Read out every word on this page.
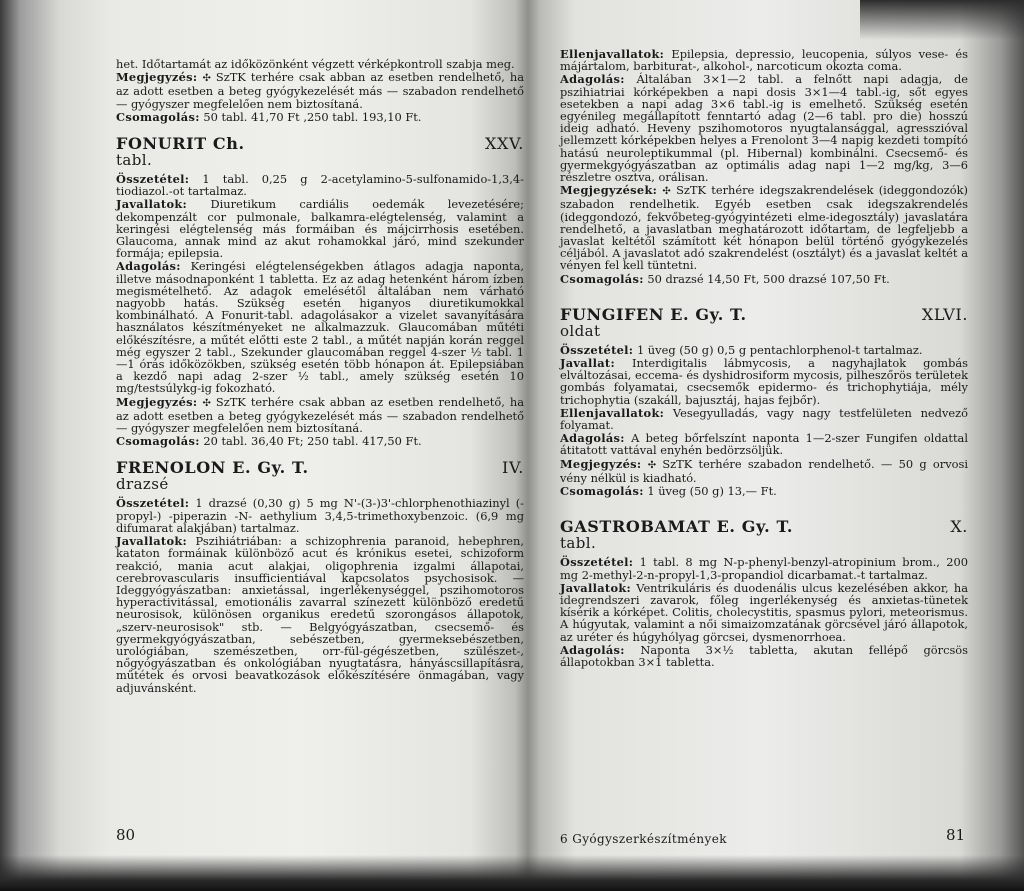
het. Időtartamát az időközönként végzett vérképkontroll szabja meg.

Megjegyzés: ✣ SzTK terhére csak abban az esetben rendelhető, ha az adott esetben a beteg gyógykezelését más — szabadon rendelhető — gyógyszer megfelelően nem biztosítaná.

Csomagolás: 50 tabl. 41,70 Ft ,250 tabl. 193,10 Ft.

FONURIT Ch.	XXV.
tabl.

Összetétel: 1 tabl. 0,25 g 2-acetylamino-5-sulfonamido-1,3,4-tiodiazol.-ot tartalmaz.

Javallatok: Diuretikum cardiális oedemák levezetésére; dekompenzált cor pulmonale, balkamra-elégtelenség, valamint a keringési elégtelenség más formáiban és májcirrhosis esetében. Glaucoma, annak mind az akut rohamokkal járó, mind szekunder formája; epilepsia.

Adagolás: Keringési elégtelenségekben átlagos adagja naponta, illetve másodnaponként 1 tabletta. Ez az adag hetenként három ízben megismételhető. Az adagok emelésétől általában nem várható nagyobb hatás. Szükség esetén higanyos diuretikumokkal kombinálható. A Fonurit-tabl. adagolásakor a vizelet savanyítására használatos készítményeket ne alkalmazzuk. Glaucomában műtéti előkészítésre, a műtét előtti este 2 tabl., a műtét napján korán reggel még egyszer 2 tabl., Szekunder glaucomában reggel 4-szer ½ tabl. 1—1 órás időközökben, szükség esetén több hónapon át. Epilepsiában a kezdő napi adag 2-szer ½ tabl., amely szükség esetén 10 mg/testsúlykg-ig fokozható.

Megjegyzés: ✣ SzTK terhére csak abban az esetben rendelhető, ha az adott esetben a beteg gyógykezelését más — szabadon rendelhető — gyógyszer megfelelően nem biztosítaná.

Csomagolás: 20 tabl. 36,40 Ft; 250 tabl. 417,50 Ft.

FRENOLON E. Gy. T.	IV.
drazsé

Összetétel: 1 drazsé (0,30 g) 5 mg N'-(3-)3'-chlorphenothiazinyl (-propyl-) -piperazin -N- aethylium 3,4,5-trimethoxybenzoic. (6,9 mg difumarat alakjában) tartalmaz.

Javallatok: Pszihiátriában: a schizophrenia paranoid, hebephren, kataton formáinak különböző acut és krónikus esetei, schizoform reakció, mania acut alakjai, oligophrenia izgalmi állapotai, cerebrovascularis insufficientiával kapcsolatos psychosisok. — Ideggyógyászatban: anxietással, ingerlékenységgel, pszihomotoros hyperactivitással, emotionális zavarral színezett különböző eredetű neurosisok, különösen organikus eredetű szorongásos állapotok, „szerv-neurosisok" stb. — Belgyógyászatban, csecsemő- és gyermekgyógyászatban, sebészetben, gyermeksebészetben, urológiában, szemészetben, orr-fül-gégészetben, szülészet-, nőgyógyászatban és onkológiában nyugtatásra, hányáscsillapításra, műtétek és orvosi beavatkozások előkészítésére önmagában, vagy adjuvánsként.

80

Ellenjavallatok: Epilepsia, depressio, leucopenia, súlyos vese- és májártalom, barbiturat-, alkohol-, narcoticum okozta coma.

Adagolás: Általában 3×1—2 tabl. a felnőtt napi adagja, de pszihiatriai kórképekben a napi dosis 3×1—4 tabl.-ig, sőt egyes esetekben a napi adag 3×6 tabl.-ig is emelhető. Szükség esetén egyénileg megállapított fenntartó adag (2—6 tabl. pro die) hosszú ideig adható. Heveny pszihomotoros nyugtalansággal, agresszióval jellemzett kórképekben helyes a Frenolont 3—4 napig kezdeti tompító hatású neuroleptikummal (pl. Hibernal) kombinálni. Csecsemő- és gyermekgyógyászatban az optimális adag napi 1—2 mg/kg, 3—6 részletre osztva, orálisan.

Megjegyzések: ✣ SzTK terhére idegszakrendelések (ideggondozók) szabadon rendelhetik. Egyéb esetben csak idegszakrendelés (ideggondozó, fekvőbeteg-gyógyintézeti elme-idegosztály) javaslatára rendelhető, a javaslatban meghatározott időtartam, de legfeljebb a javaslat keltétől számított két hónapon belül történő gyógykezelés céljából. A javaslatot adó szakrendelést (osztályt) és a javaslat keltét a vényen fel kell tüntetni.

Csomagolás: 50 drazsé 14,50 Ft, 500 drazsé 107,50 Ft.

FUNGIFEN E. Gy. T.	XLVI.
oldat

Összetétel: 1 üveg (50 g) 0,5 g pentachlorphenol-t tartalmaz.

Javallat: Interdigitalis lábmycosis, a nagyhajlatok gombás elváltozásai, eccema- és dyshidrosiform mycosis, pilheszőrös területek gombás folyamatai, csecsemők epidermo- és trichophytiája, mély trichophytia (szakáll, bajusztáj, hajas fejbőr).

Ellenjavallatok: Vesegyulladás, vagy nagy testfelületen nedvező folyamat.

Adagolás: A beteg bőrfelszínt naponta 1—2-szer Fungifen oldattal átitatott vattával enyhén bedörzsöljük.

Megjegyzés: ✣ SzTK terhére szabadon rendelhető. — 50 g orvosi vény nélkül is kiadható.

Csomagolás: 1 üveg (50 g) 13,— Ft.

GASTROBAMAT E. Gy. T.	X.
tabl.

Összetétel: 1 tabl. 8 mg N-p-phenyl-benzyl-atropinium brom., 200 mg 2-methyl-2-n-propyl-1,3-propandiol dicarbamat.-t tartalmaz.

Javallatok: Ventrikuláris és duodenális ulcus kezelésében akkor, ha idegrendszeri zavarok, főleg ingerlékenység és anxietas-tünetek kísérik a kórképet. Colitis, cholecystitis, spasmus pylori, meteorismus. A húgyutak, valamint a női simaizomzatának görcsével járó állapotok, az uréter és húgyhólyag görcsei, dysmenorrhoea.

Adagolás: Naponta 3×½ tabletta, akutan fellépő görcsös állapotokban 3×1 tabletta.

6 Gyógyszerkészítmények	81
